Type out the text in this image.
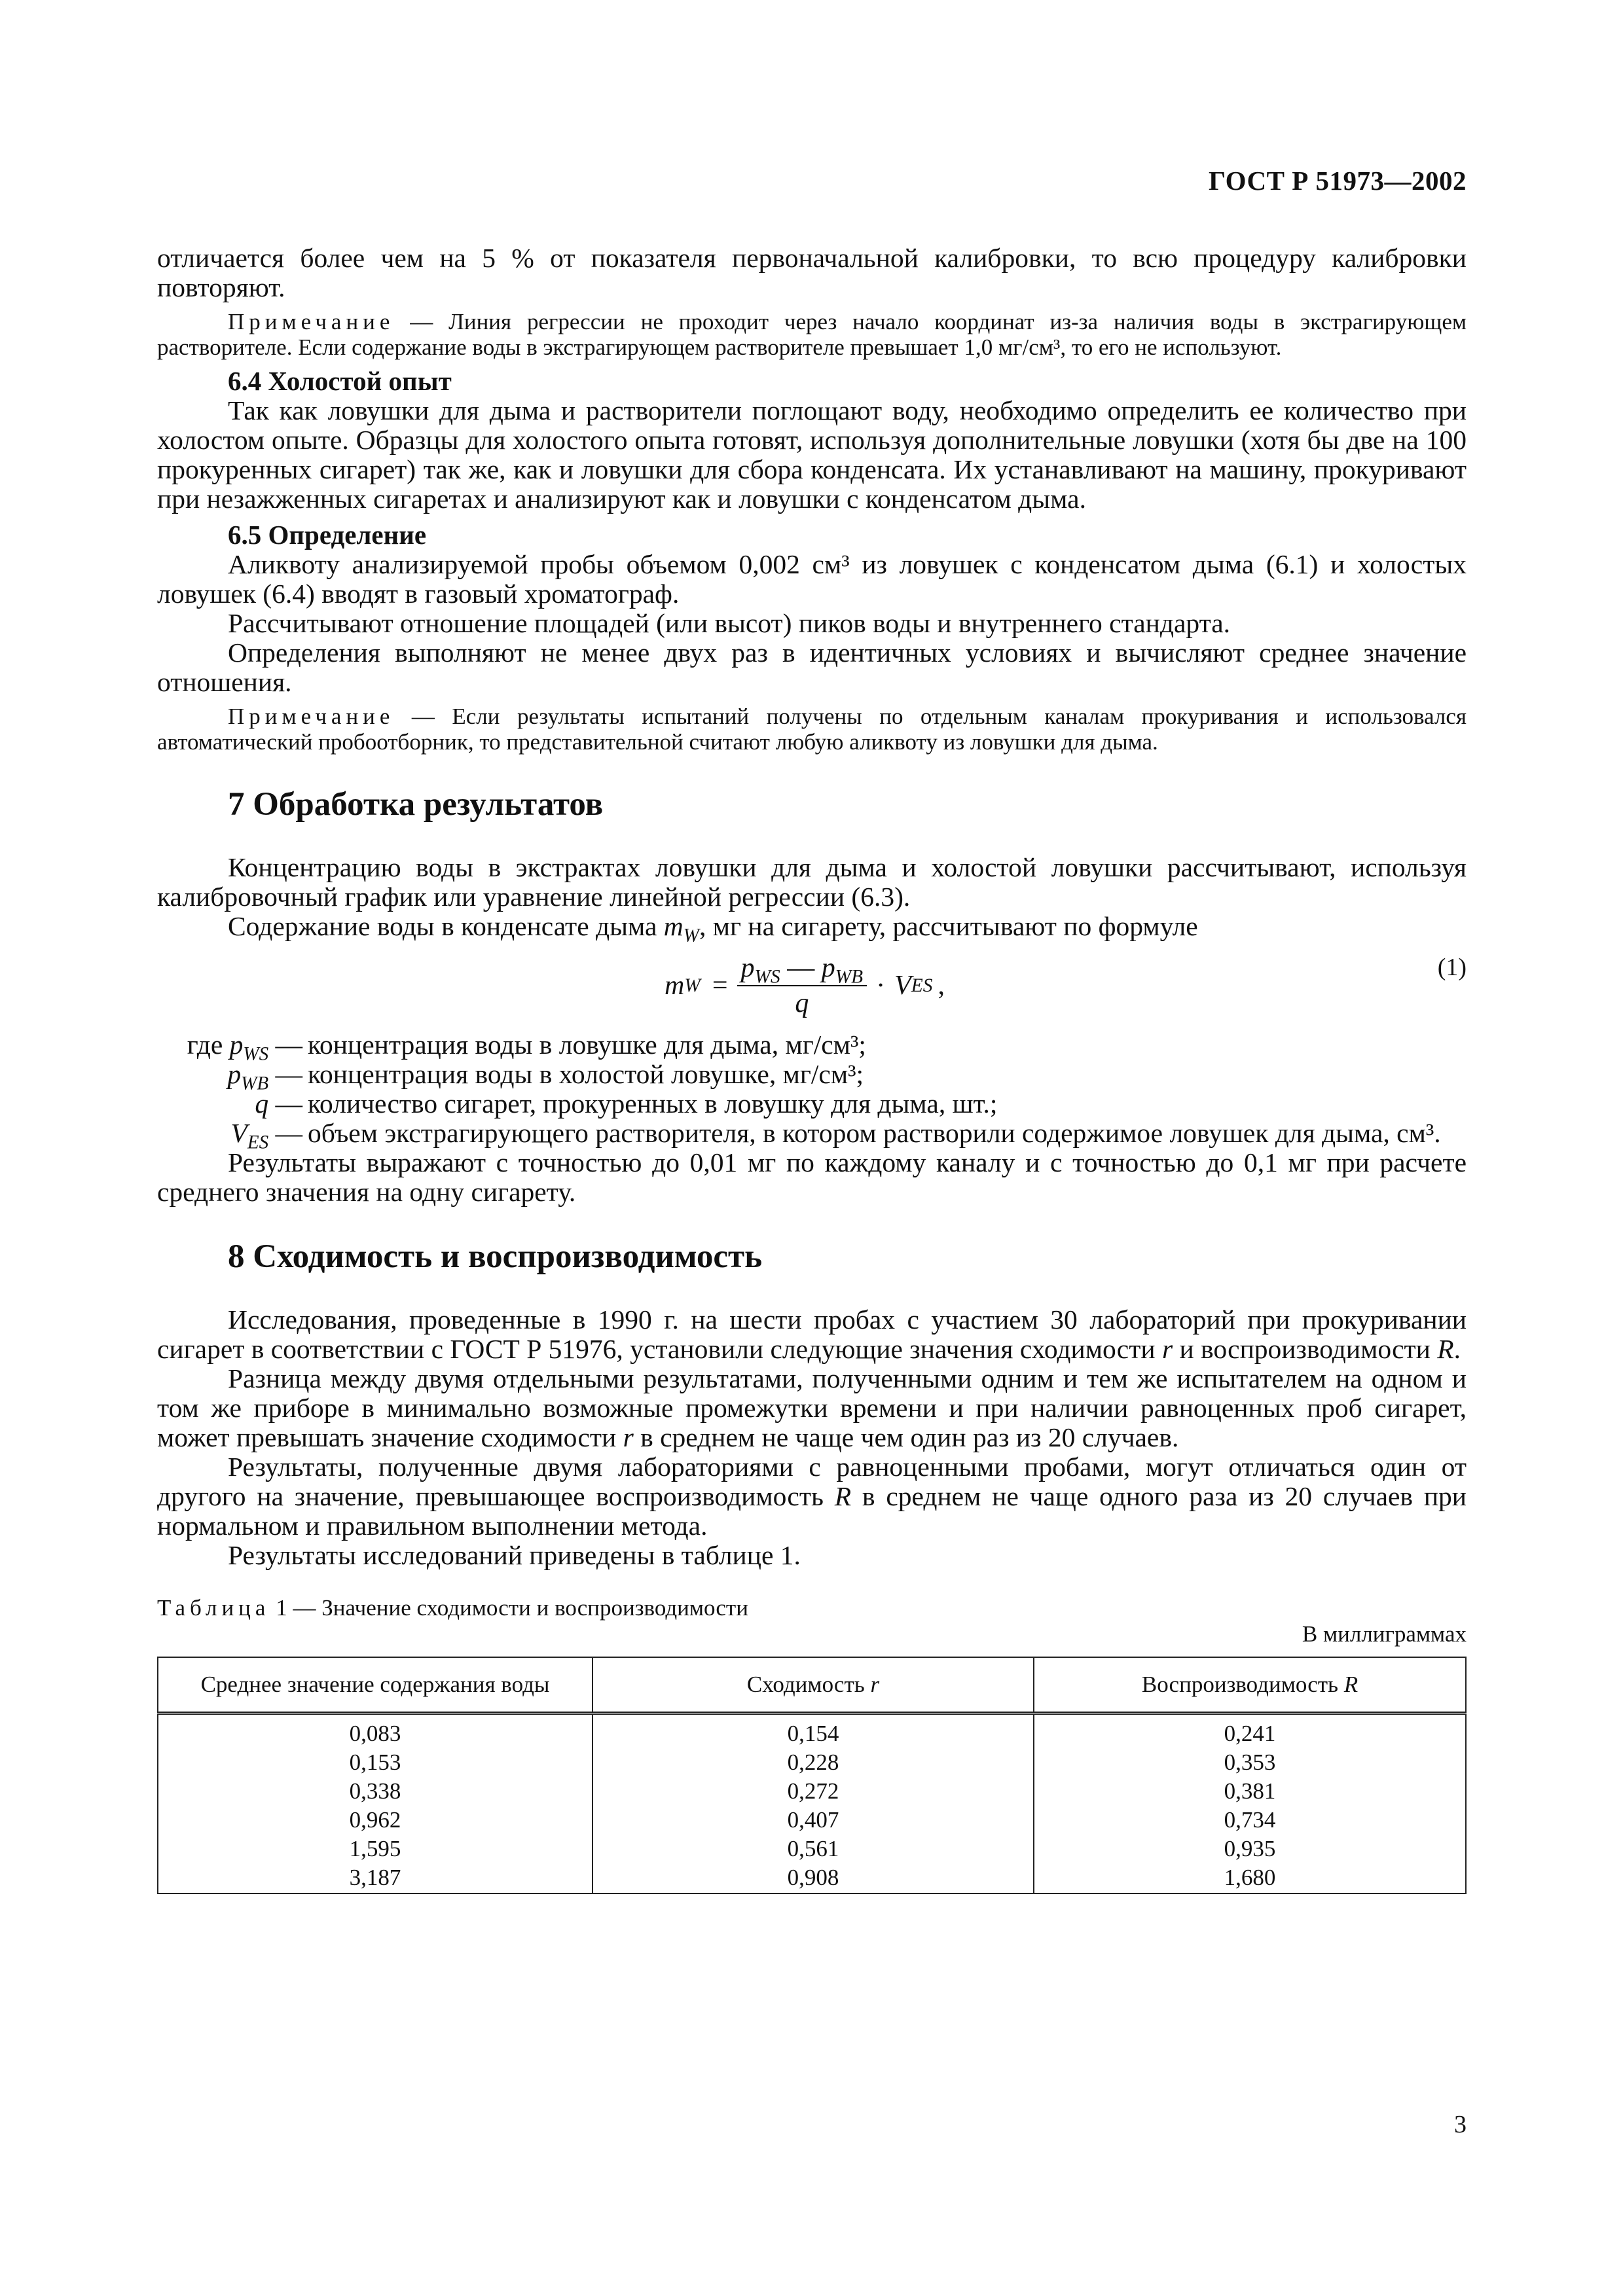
ГОСТ Р 51973—2002

отличается более чем на 5 % от показателя первоначальной калибровки, то всю процедуру калибровки повторяют.

Примечание — Линия регрессии не проходит через начало координат из-за наличия воды в экстрагирующем растворителе. Если содержание воды в экстрагирующем растворителе превышает 1,0 мг/см³, то его не используют.
6.4 Холостой опыт

Так как ловушки для дыма и растворители поглощают воду, необходимо определить ее количество при холостом опыте. Образцы для холостого опыта готовят, используя дополнительные ловушки (хотя бы две на 100 прокуренных сигарет) так же, как и ловушки для сбора конденсата. Их устанавливают на машину, прокуривают при незажженных сигаретах и анализируют как и ловушки с конденсатом дыма.

6.5 Определение

Аликвоту анализируемой пробы объемом 0,002 см³ из ловушек с конденсатом дыма (6.1) и холостых ловушек (6.4) вводят в газовый хроматограф.

Рассчитывают отношение площадей (или высот) пиков воды и внутреннего стандарта.

Определения выполняют не менее двух раз в идентичных условиях и вычисляют среднее значение отношения.

Примечание — Если результаты испытаний получены по отдельным каналам прокуривания и использовался автоматический пробоотборник, то представительной считают любую аликвоту из ловушки для дыма.
7 Обработка результатов

Концентрацию воды в экстрактах ловушки для дыма и холостой ловушки рассчитывают, используя калибровочный график или уравнение линейной регрессии (6.3).

Содержание воды в конденсате дыма $m_W$, мг на сигарету, рассчитывают по формуле

m $W = \frac{p_{WS} — p_{WB}}{q} \cdot V$ ES ,
(1)
где $p_{WS}$ — концентрация воды в ловушке для дыма, мг/см³;
$p_{WB}$ — концентрация воды в холостой ловушке, мг/см³;
q — количество сигарет, прокуренных в ловушку для дыма, шт.;
$V_{ES}$ — объем экстрагирующего растворителя, в котором растворили содержимое ловушек для дыма, см³.

Результаты выражают с точностью до 0,01 мг по каждому каналу и с точностью до 0,1 мг при расчете среднего значения на одну сигарету.

8 Сходимость и воспроизводимость

Исследования, проведенные в 1990 г. на шести пробах с участием 30 лабораторий при прокуривании сигарет в соответствии с ГОСТ Р 51976, установили следующие значения сходимости r и воспроизводимости R.

Разница между двумя отдельными результатами, полученными одним и тем же испытателем на одном и том же приборе в минимально возможные промежутки времени и при наличии равноценных проб сигарет, может превышать значение сходимости r в среднем не чаще чем один раз из 20 случаев.

Результаты, полученные двумя лабораториями с равноценными пробами, могут отличаться один от другого на значение, превышающее воспроизводимость R в среднем не чаще одного раза из 20 случаев при нормальном и правильном выполнении метода.

Результаты исследований приведены в таблице 1.

Таблица 1 — Значение сходимости и воспроизводимости
В миллиграммах
Среднее значение содержания воды	Сходимость r	Воспроизводимость R
0,083	0,154	0,241
0,153	0,228	0,353
0,338	0,272	0,381
0,962	0,407	0,734
1,595	0,561	0,935
3,187	0,908	1,680
3
